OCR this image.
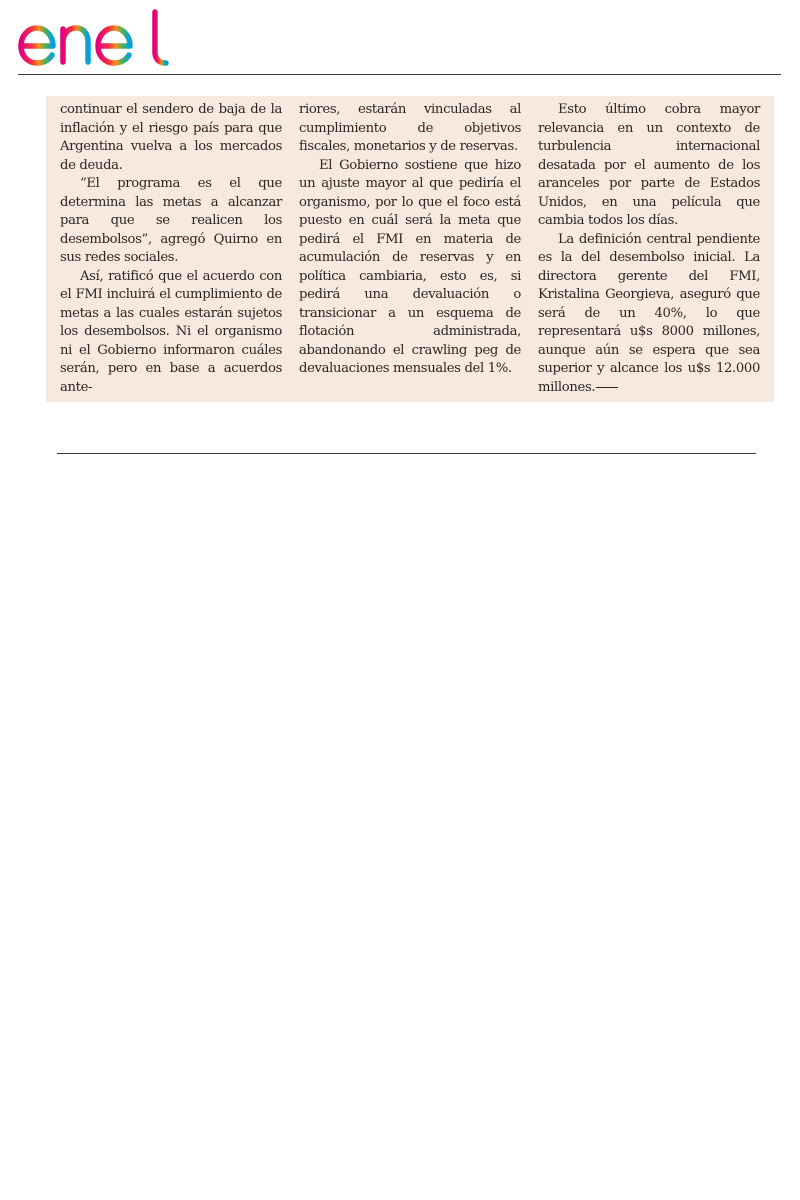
continuar el sendero de baja de la inflación y el riesgo país para que Argentina vuelva a los mercados de deuda.

“El programa es el que determina las metas a alcanzar para que se realicen los desembolsos”, agregó Quirno en sus redes sociales.

Así, ratificó que el acuerdo con el FMI incluirá el cumplimiento de metas a las cuales estarán sujetos los desembolsos. Ni el organismo ni el Gobierno informaron cuáles serán, pero en base a acuerdos ante-

riores, estarán vinculadas al cumplimiento de objetivos fiscales, monetarios y de reservas.

El Gobierno sostiene que hizo un ajuste mayor al que pediría el organismo, por lo que el foco está puesto en cuál será la meta que pedirá el FMI en materia de acumulación de reservas y en política cambiaria, esto es, si pedirá una devaluación o transicionar a un esquema de flotación administrada, abandonando el crawling peg de devaluaciones mensuales del 1%.

Esto último cobra mayor relevancia en un contexto de turbulencia internacional desatada por el aumento de los aranceles por parte de Estados Unidos, en una película que cambia todos los días.

La definición central pendiente es la del desembolso inicial. La directora gerente del FMI, Kristalina Georgieva, aseguró que será de un 40%, lo que representará u$s 8000 millones, aunque aún se espera que sea superior y alcance los u$s 12.000 millones.
